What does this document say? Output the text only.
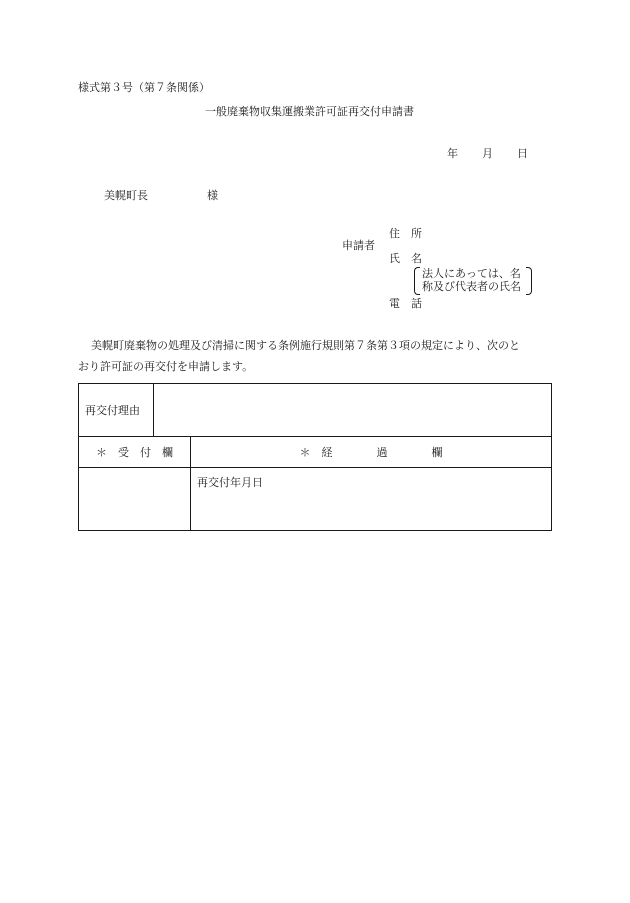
様式第３号（第７条関係）
一般廃棄物収集運搬業許可証再交付申請書
年 月 日
美幌町長	様
申請者
住　所
氏　名
法人にあっては、名
称及び代表者の氏名
電　話
美幌町廃棄物の処理及び清掃に関する条例施行規則第７条第３項の規定により、次のと
おり許可証の再交付を申請します。
再交付理由		
＊　受　付　欄		＊　経　　　　過　　　　欄
		再交付年月日
